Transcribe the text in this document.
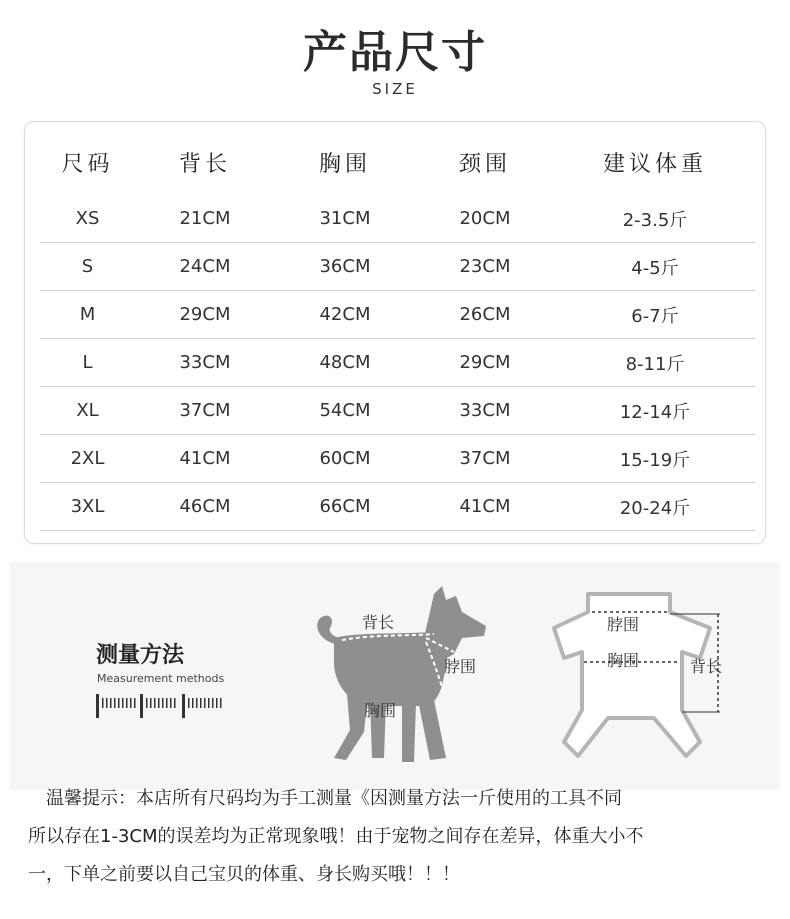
产品尺寸
SIZE
尺码	背长	胸围	颈围	建议体重
XS	21CM	31CM	20CM	2-3.5斤
S	24CM	36CM	23CM	4-5斤
M	29CM	42CM	26CM	6-7斤
L	33CM	48CM	29CM	8-11斤
XL	37CM	54CM	33CM	12-14斤
2XL	41CM	60CM	37CM	15-19斤
3XL	46CM	66CM	41CM	20-24斤
测量方法
Measurement methods
背长
脖围
胸围
脖围
胸围	背长
温馨提示：本店所有尺码均为手工测量《因测量方法一斤使用的工具不同
所以存在1-3CM的误差均为正常现象哦！由于宠物之间存在差异，体重大小不
一，下单之前要以自己宝贝的体重、身长购买哦！！！
